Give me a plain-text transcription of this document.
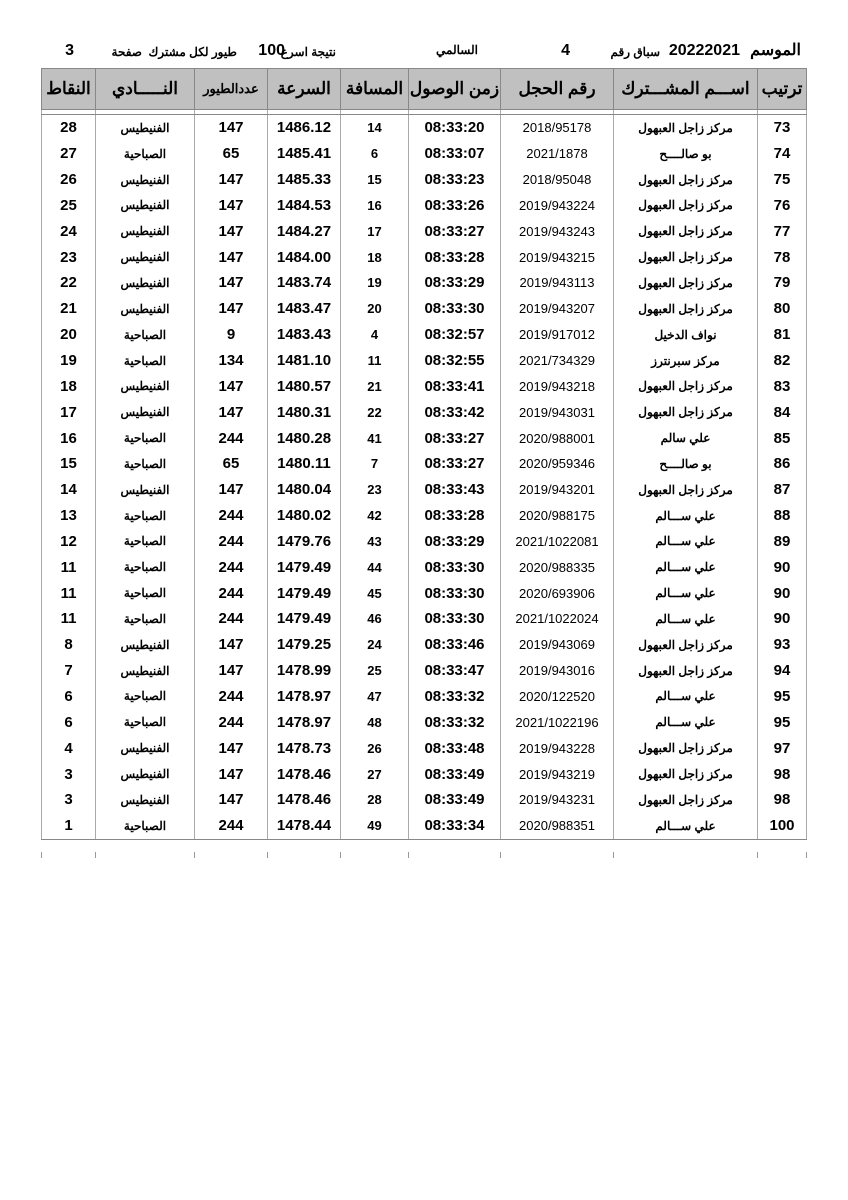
الموسم
20222021
سباق رقم
4
السالمي
نتيجة اسرع
100
طيور لكل مشترك
صفحة
3
ترتيب	اســـم المشـــترك	رقم الحجل	زمن الوصول	المسافة	السرعة	عددالطيور	النـــــادي	النقاط

73	مركز زاجل العبهول	2018/95178	08:33:20	14	1486.12	147	الفنيطيس	28
74	بو صالــــح	2021/1878	08:33:07	6	1485.41	65	الصباحية	27
75	مركز زاجل العبهول	2018/95048	08:33:23	15	1485.33	147	الفنيطيس	26
76	مركز زاجل العبهول	2019/943224	08:33:26	16	1484.53	147	الفنيطيس	25
77	مركز زاجل العبهول	2019/943243	08:33:27	17	1484.27	147	الفنيطيس	24
78	مركز زاجل العبهول	2019/943215	08:33:28	18	1484.00	147	الفنيطيس	23
79	مركز زاجل العبهول	2019/943113	08:33:29	19	1483.74	147	الفنيطيس	22
80	مركز زاجل العبهول	2019/943207	08:33:30	20	1483.47	147	الفنيطيس	21
81	نواف الدخيل	2019/917012	08:32:57	4	1483.43	9	الصباحية	20
82	مركز سبرنترز	2021/734329	08:32:55	11	1481.10	134	الصباحية	19
83	مركز زاجل العبهول	2019/943218	08:33:41	21	1480.57	147	الفنيطيس	18
84	مركز زاجل العبهول	2019/943031	08:33:42	22	1480.31	147	الفنيطيس	17
85	علي سالم	2020/988001	08:33:27	41	1480.28	244	الصباحية	16
86	بو صالــــح	2020/959346	08:33:27	7	1480.11	65	الصباحية	15
87	مركز زاجل العبهول	2019/943201	08:33:43	23	1480.04	147	الفنيطيس	14
88	علي ســـالم	2020/988175	08:33:28	42	1480.02	244	الصباحية	13
89	علي ســـالم	2021/1022081	08:33:29	43	1479.76	244	الصباحية	12
90	علي ســـالم	2020/988335	08:33:30	44	1479.49	244	الصباحية	11
90	علي ســـالم	2020/693906	08:33:30	45	1479.49	244	الصباحية	11
90	علي ســـالم	2021/1022024	08:33:30	46	1479.49	244	الصباحية	11
93	مركز زاجل العبهول	2019/943069	08:33:46	24	1479.25	147	الفنيطيس	8
94	مركز زاجل العبهول	2019/943016	08:33:47	25	1478.99	147	الفنيطيس	7
95	علي ســـالم	2020/122520	08:33:32	47	1478.97	244	الصباحية	6
95	علي ســـالم	2021/1022196	08:33:32	48	1478.97	244	الصباحية	6
97	مركز زاجل العبهول	2019/943228	08:33:48	26	1478.73	147	الفنيطيس	4
98	مركز زاجل العبهول	2019/943219	08:33:49	27	1478.46	147	الفنيطيس	3
98	مركز زاجل العبهول	2019/943231	08:33:49	28	1478.46	147	الفنيطيس	3
100	علي ســـالم	2020/988351	08:33:34	49	1478.44	244	الصباحية	1
